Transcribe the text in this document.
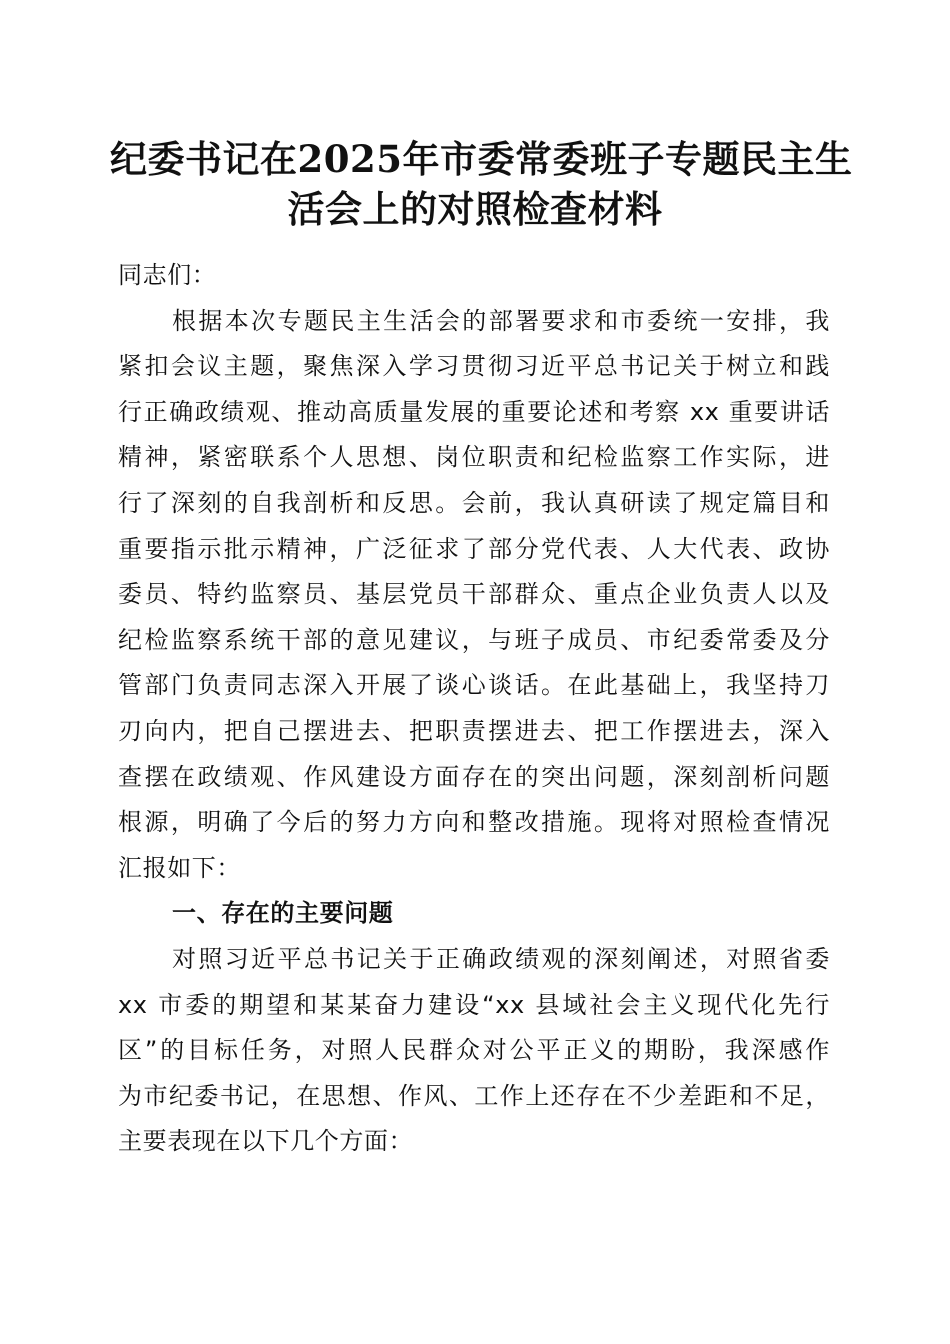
纪委书记在2025年市委常委班子专题民主生
活会上的对照检查材料
同志们：
根据本次专题民主生活会的部署要求和市委统一安排，我
紧扣会议主题，聚焦深入学习贯彻习近平总书记关于树立和践
行正确政绩观、推动高质量发展的重要论述和考察 xx 重要讲话
精神，紧密联系个人思想、岗位职责和纪检监察工作实际，进
行了深刻的自我剖析和反思。会前，我认真研读了规定篇目和
重要指示批示精神，广泛征求了部分党代表、人大代表、政协
委员、特约监察员、基层党员干部群众、重点企业负责人以及
纪检监察系统干部的意见建议，与班子成员、市纪委常委及分
管部门负责同志深入开展了谈心谈话。在此基础上，我坚持刀
刃向内，把自己摆进去、把职责摆进去、把工作摆进去，深入
查摆在政绩观、作风建设方面存在的突出问题，深刻剖析问题
根源，明确了今后的努力方向和整改措施。现将对照检查情况
汇报如下：
一、存在的主要问题
对照习近平总书记关于正确政绩观的深刻阐述，对照省委
xx 市委的期望和某某奋力建设“xx 县域社会主义现代化先行
区”的目标任务，对照人民群众对公平正义的期盼，我深感作
为市纪委书记，在思想、作风、工作上还存在不少差距和不足，
主要表现在以下几个方面：
